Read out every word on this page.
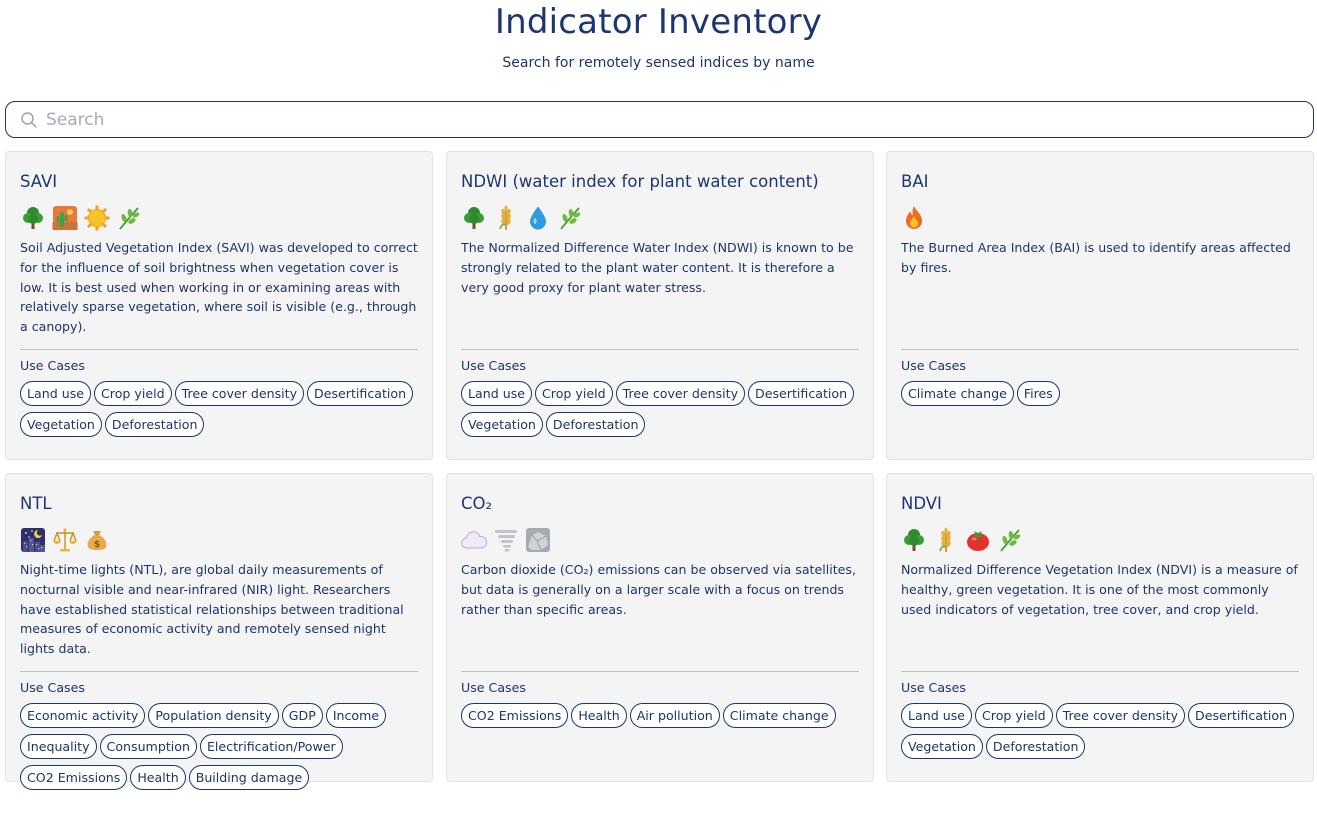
Indicator Inventory

Search for remotely sensed indices by name

Search
SAVI

Soil Adjusted Vegetation Index (SAVI) was developed to correct for the influence of soil brightness when vegetation cover is low. It is best used when working in or examining areas with relatively sparse vegetation, where soil is visible (e.g., through a canopy).

Use Cases
Land use	Crop yield	Tree cover density	Desertification
Vegetation	Deforestation
NDWI (water index for plant water content)

The Normalized Difference Water Index (NDWI) is known to be strongly related to the plant water content. It is therefore a very good proxy for plant water stress.

Use Cases
Land use	Crop yield	Tree cover density	Desertification
Vegetation	Deforestation
BAI

The Burned Area Index (BAI) is used to identify areas affected by fires.

Use Cases
Climate change	Fires
NTL
$

Night-time lights (NTL), are global daily measurements of nocturnal visible and near-infrared (NIR) light. Researchers have established statistical relationships between traditional measures of economic activity and remotely sensed night lights data.

Use Cases
Economic activity	Population density	GDP	Income
Inequality	Consumption	Electrification/Power
CO2 Emissions	Health	Building damage
CO₂

Carbon dioxide (CO₂) emissions can be observed via satellites, but data is generally on a larger scale with a focus on trends rather than specific areas.

Use Cases
CO2 Emissions	Health	Air pollution	Climate change
NDVI

Normalized Difference Vegetation Index (NDVI) is a measure of healthy, green vegetation. It is one of the most commonly used indicators of vegetation, tree cover, and crop yield.

Use Cases
Land use	Crop yield	Tree cover density	Desertification
Vegetation	Deforestation
